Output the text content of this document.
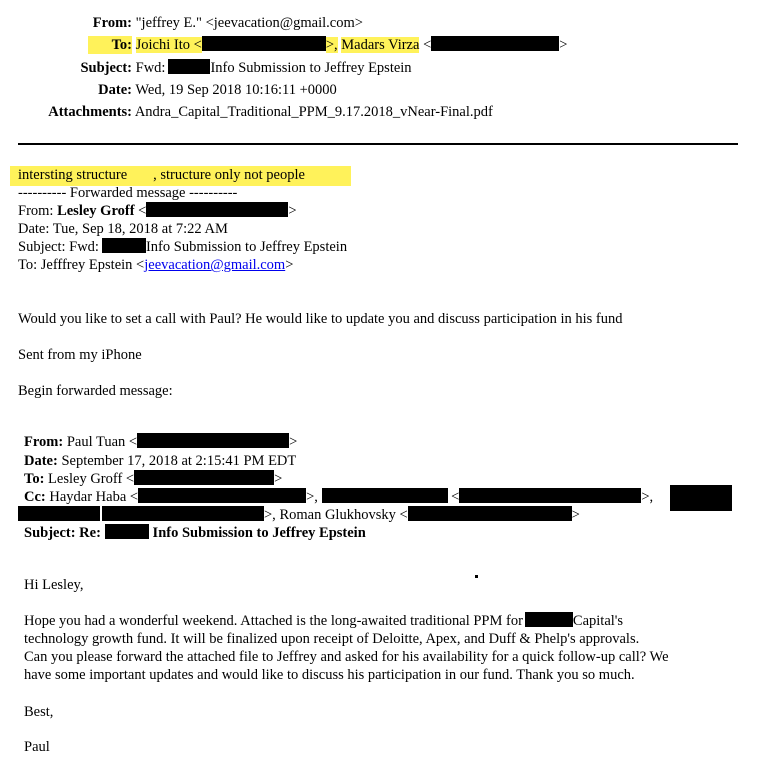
From: "jeffrey E." <jeevacation@gmail.com>
To: Joichi Ito <	>, Madars Virza <	>
Subject: Fwd:	Info Submission to Jeffrey Epstein
Date: Wed, 19 Sep 2018 10:16:11 +0000
Attachments: Andra_Capital_Traditional_PPM_9.17.2018_vNear-Final.pdf
intersting structure , structure only not people
---------- Forwarded message ----------
From: Lesley Groff <	>
Date: Tue, Sep 18, 2018 at 7:22 AM
Subject: Fwd:	Info Submission to Jeffrey Epstein
To: Jefffrey Epstein <jeevacation@gmail.com>
Would you like to set a call with Paul? He would like to update you and discuss participation in his fund
Sent from my iPhone
Begin forwarded message:
From: Paul Tuan <	>
Date: September 17, 2018 at 2:15:41 PM EDT
To: Lesley Groff <	>
Cc: Haydar Haba <	>,	<	>,
>, Roman Glukhovsky <	>
Subject: Re:	Info Submission to Jeffrey Epstein
Hi Lesley,
Hope you had a wonderful weekend. Attached is the long-awaited traditional PPM for	Capital's
technology growth fund. It will be finalized upon receipt of Deloitte, Apex, and Duff & Phelp's approvals.
Can you please forward the attached file to Jeffrey and asked for his availability for a quick follow-up call? We
have some important updates and would like to discuss his participation in our fund. Thank you so much.
Best,
Paul
